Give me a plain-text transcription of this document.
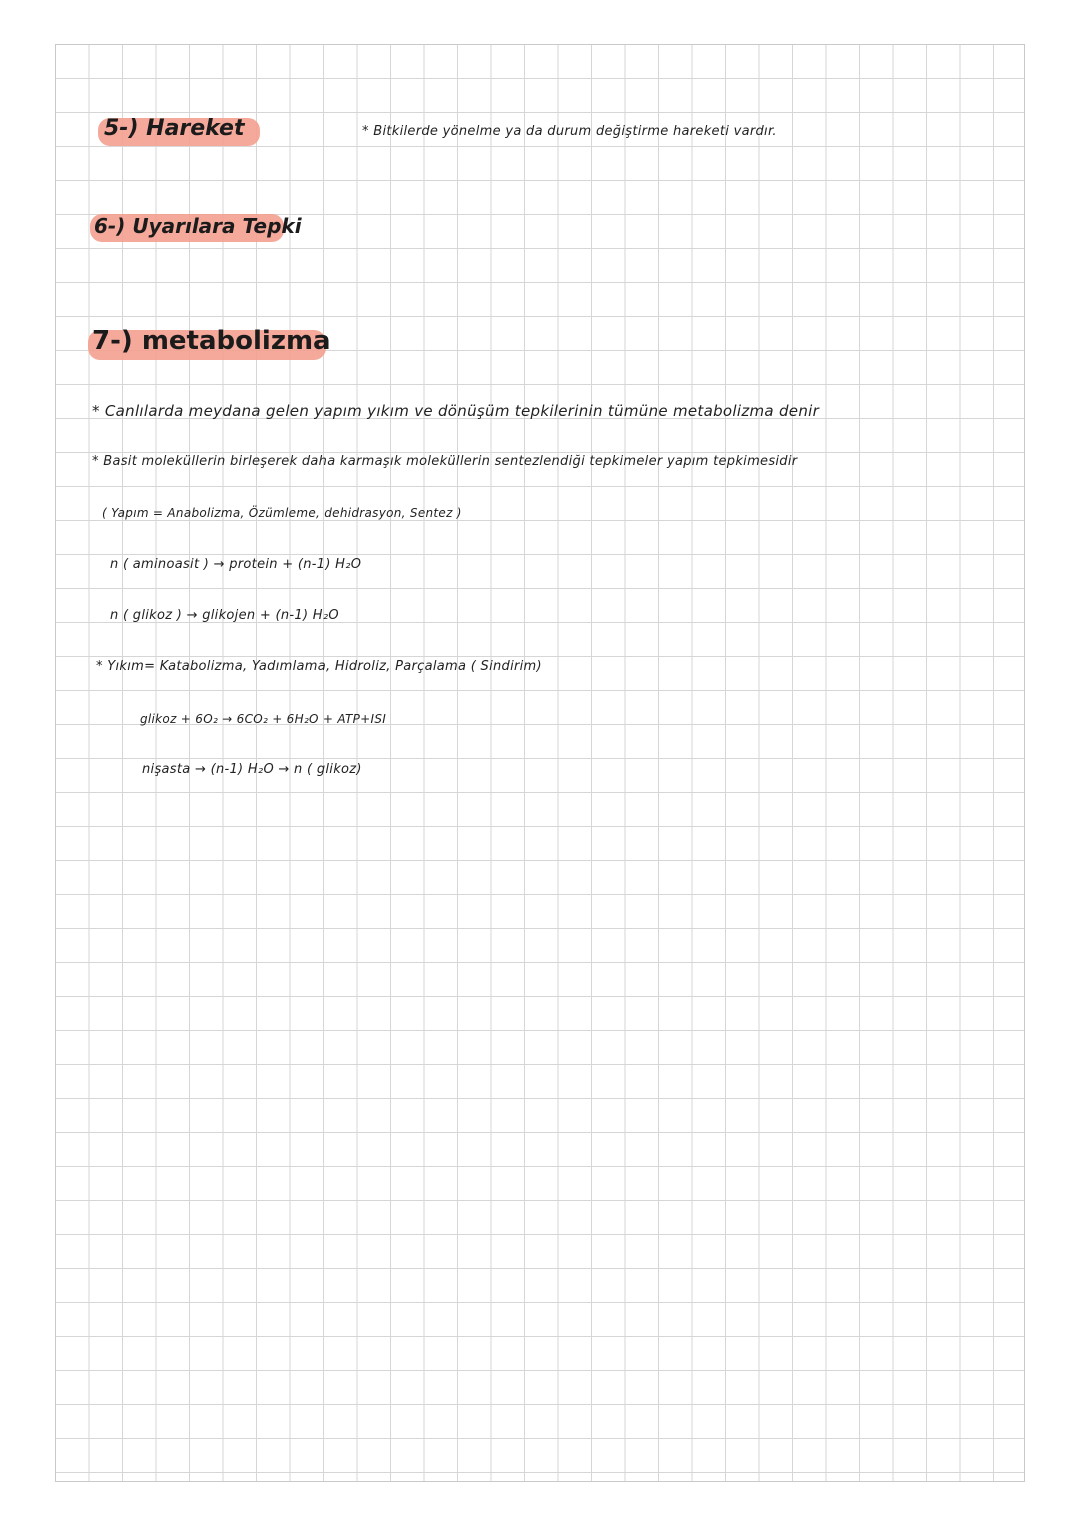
5-) Hareket	* Bitkilerde yönelme ya da durum değiştirme hareketi vardır.
6-) Uyarılara Tepki
7-) metabolizma
* Canlılarda meydana gelen yapım yıkım ve dönüşüm tepkilerinin tümüne metabolizma denir
* Basit moleküllerin birleşerek daha karmaşık moleküllerin sentezlendiği tepkimeler yapım tepkimesidir
( Yapım = Anabolizma, Özümleme, dehidrasyon, Sentez )
n ( aminoasit ) → protein + (n-1) H₂O
n ( glikoz ) → glikojen + (n-1) H₂O
* Yıkım= Katabolizma, Yadımlama, Hidroliz, Parçalama ( Sindirim)
glikoz + 6O₂ → 6CO₂ + 6H₂O + ATP+ISI
nişasta → (n-1) H₂O → n ( glikoz)
